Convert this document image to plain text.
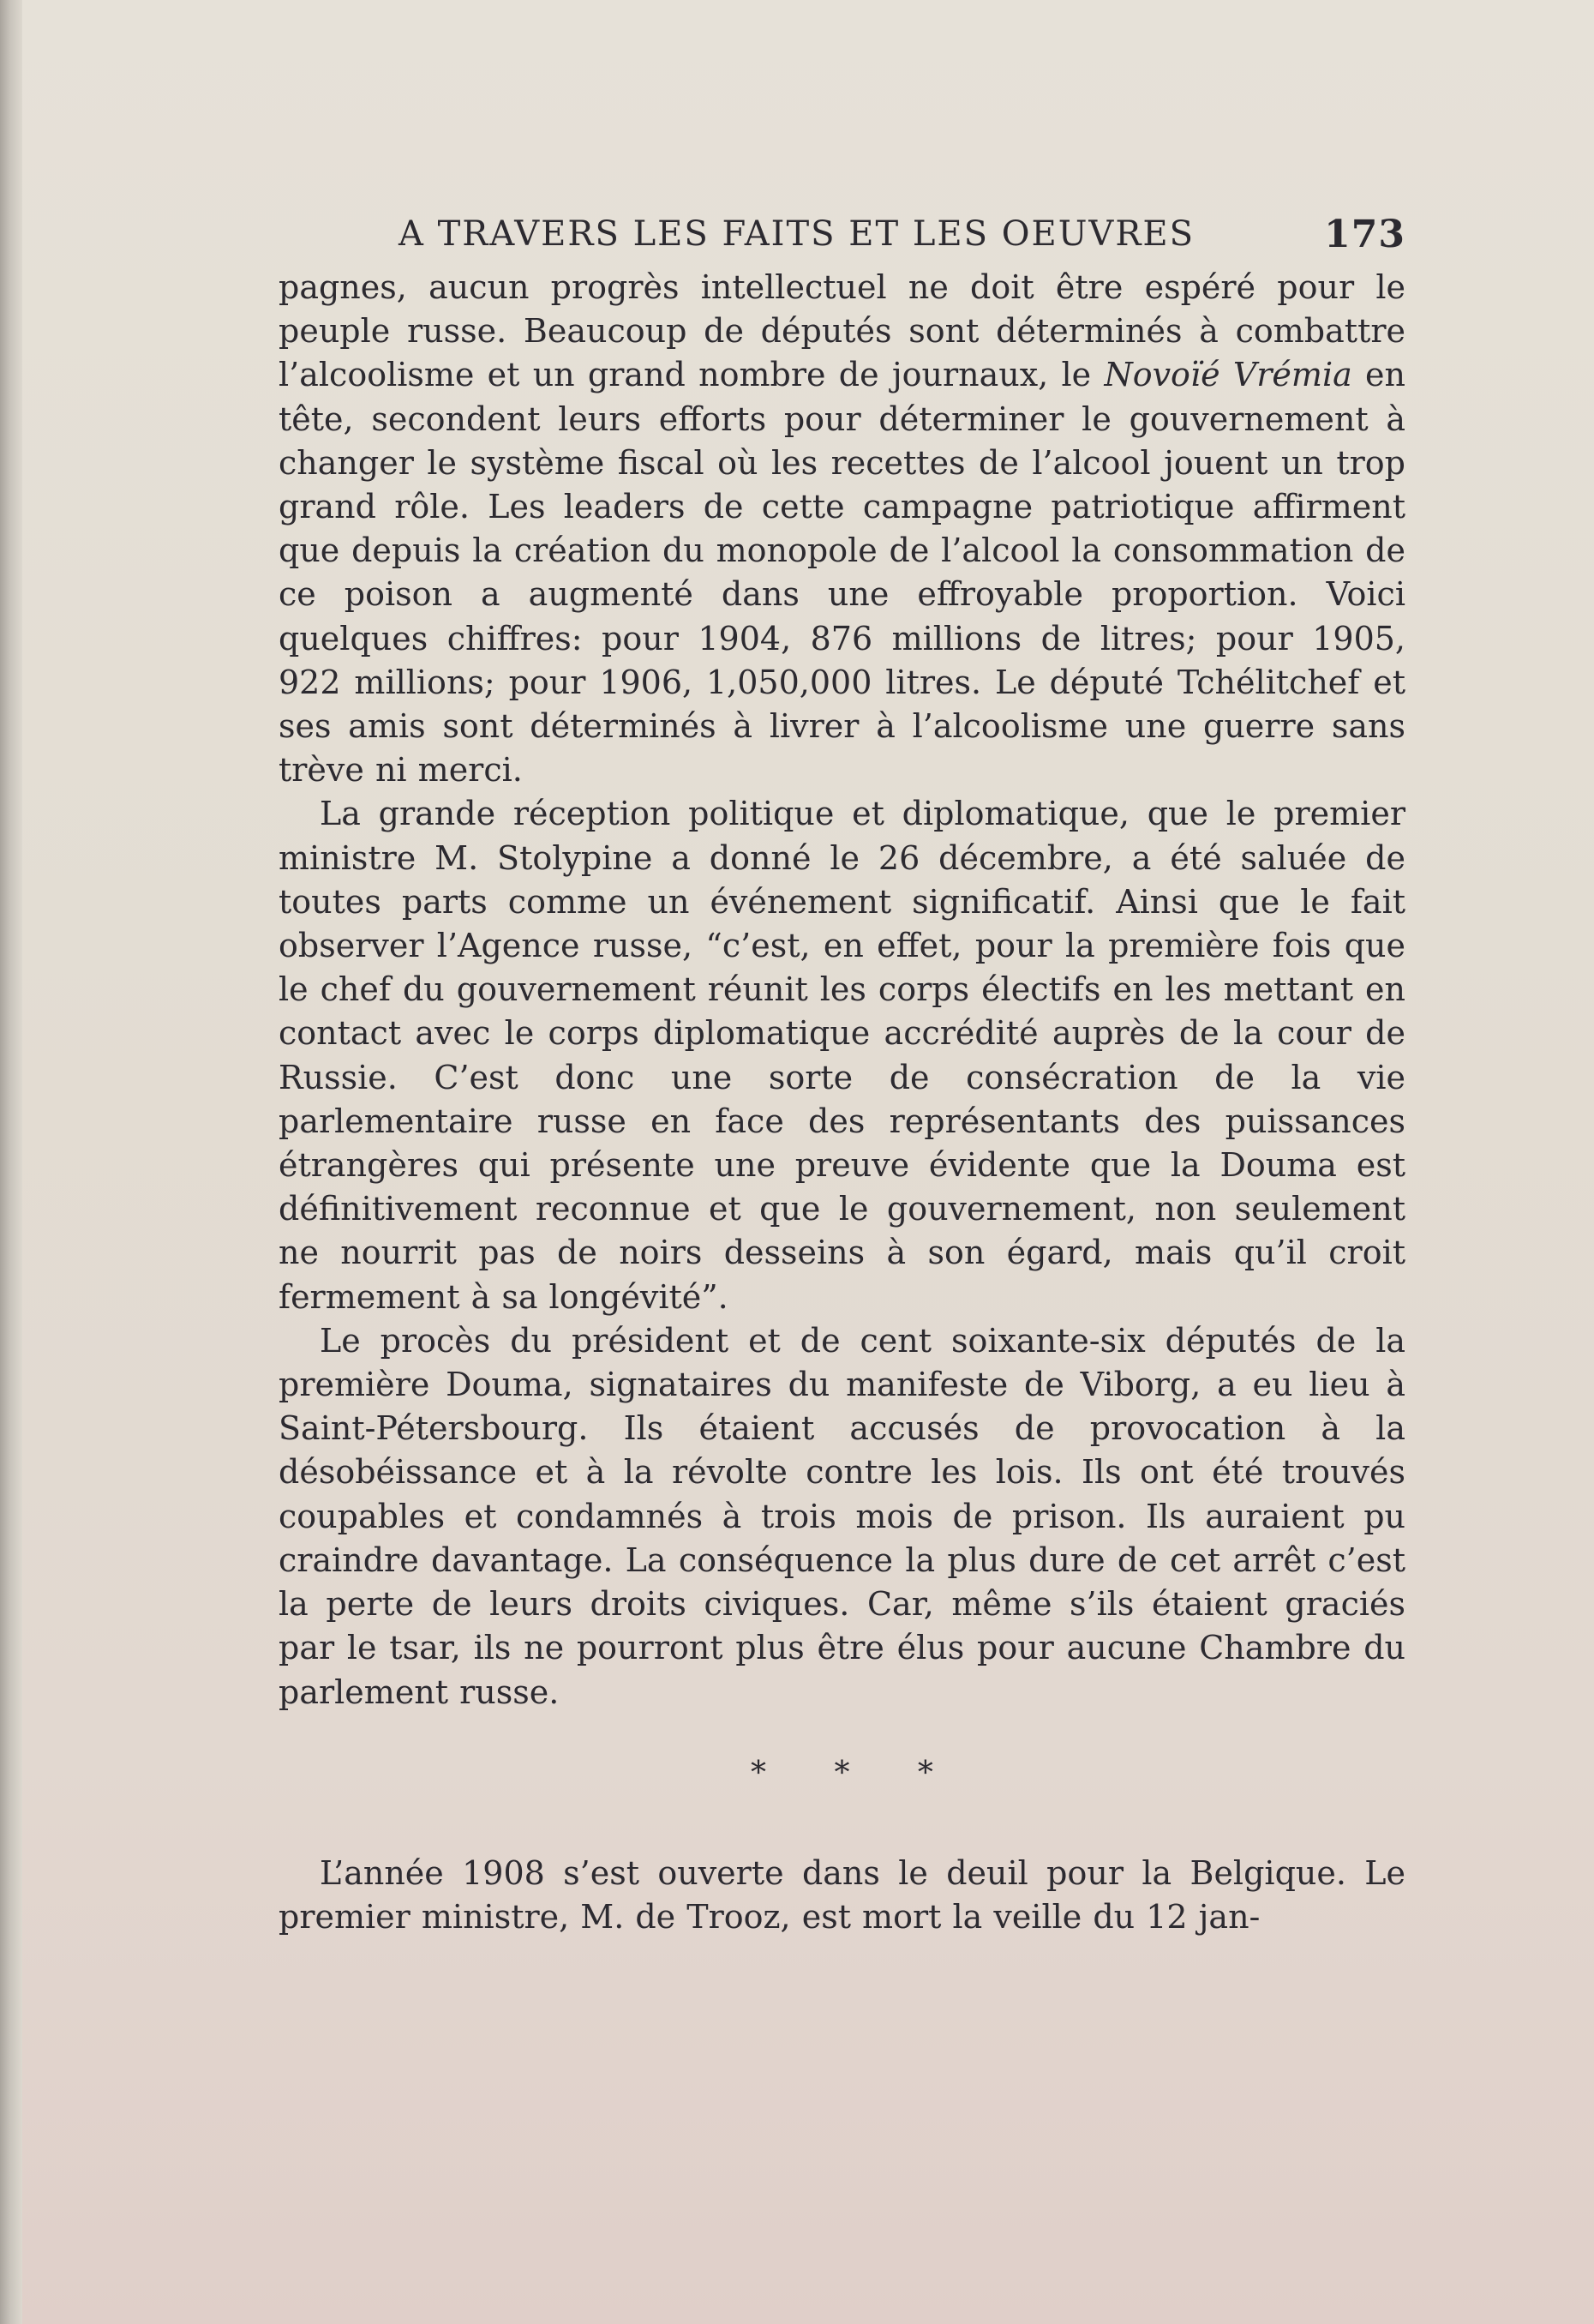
A TRAVERS LES FAITS ET LES OEUVRES	173

pagnes, aucun progrès intellectuel ne doit être espéré pour le peuple russe. Beaucoup de députés sont déterminés à combattre l’alcoolisme et un grand nombre de journaux, le Novoïé Vrémia en tête, secondent leurs efforts pour déterminer le gouvernement à changer le système fiscal où les recettes de l’alcool jouent un trop grand rôle. Les leaders de cette campagne patriotique affirment que depuis la création du monopole de l’alcool la consommation de ce poison a augmenté dans une effroyable proportion. Voici quelques chiffres: pour 1904, 876 millions de litres; pour 1905, 922 millions; pour 1906, 1,050,000 litres. Le député Tchélitchef et ses amis sont déterminés à livrer à l’alcoolisme une guerre sans trève ni merci.

La grande réception politique et diplomatique, que le premier ministre M. Stolypine a donné le 26 décembre, a été saluée de toutes parts comme un événement significatif. Ainsi que le fait observer l’Agence russe, “c’est, en effet, pour la première fois que le chef du gouvernement réunit les corps électifs en les mettant en contact avec le corps diplomatique accrédité auprès de la cour de Russie. C’est donc une sorte de consécration de la vie parlementaire russe en face des représentants des puissances étrangères qui présente une preuve évidente que la Douma est définitivement reconnue et que le gouvernement, non seulement ne nourrit pas de noirs desseins à son égard, mais qu’il croit fermement à sa longévité”.

Le procès du président et de cent soixante-six députés de la première Douma, signataires du manifeste de Viborg, a eu lieu à Saint-Pétersbourg. Ils étaient accusés de provocation à la désobéissance et à la révolte contre les lois. Ils ont été trouvés coupables et condamnés à trois mois de prison. Ils auraient pu craindre davantage. La conséquence la plus dure de cet arrêt c’est la perte de leurs droits civiques. Car, même s’ils étaient graciés par le tsar, ils ne pourront plus être élus pour aucune Chambre du parlement russe.

* * *

L’année 1908 s’est ouverte dans le deuil pour la Belgique. Le premier ministre, M. de Trooz, est mort la veille du 12 jan-
